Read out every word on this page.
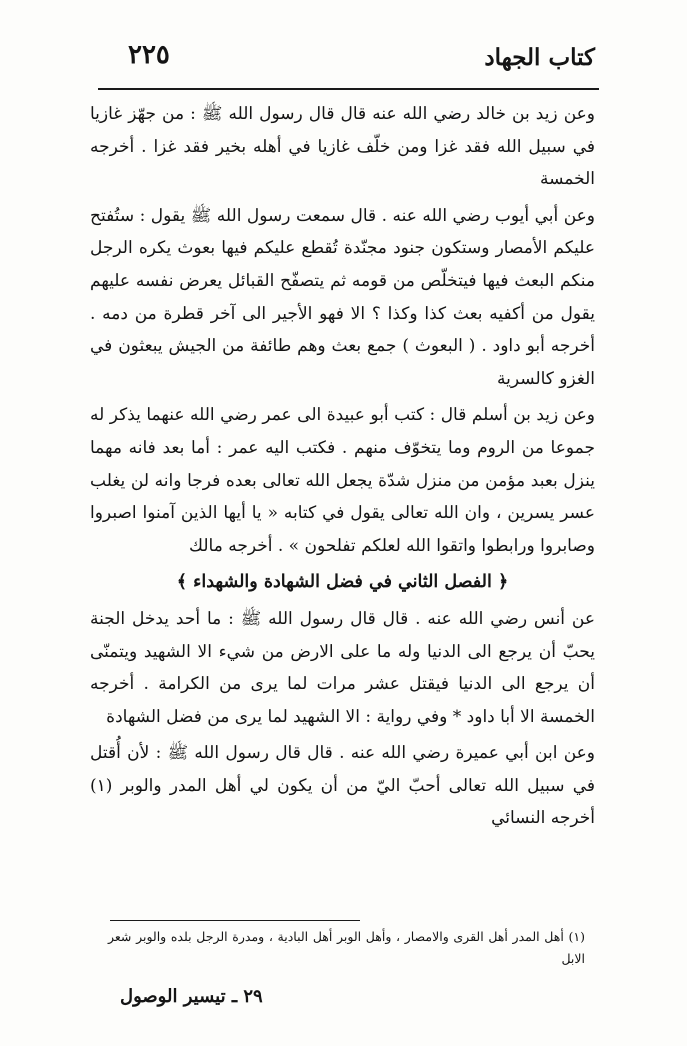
كتاب الجهاد
٢٢٥

وعن زيد بن خالد رضي الله عنه قال قال رسول الله ﷺ : من جهّز غازيا في سبيل الله فقد غزا ومن خلّف غازيا في أهله بخير فقد غزا . أخرجه الخمسة

وعن أبي أيوب رضي الله عنه . قال سمعت رسول الله ﷺ يقول : ستُفتح عليكم الأمصار وستكون جنود مجنّدة تُقطع عليكم فيها بعوث يكره الرجل منكم البعث فيها فيتخلّص من قومه ثم يتصفّح القبائل يعرض نفسه عليهم يقول من أكفيه بعث كذا وكذا ؟ الا فهو الأجير الى آخر قطرة من دمه . أخرجه أبو داود . ( البعوث ) جمع بعث وهم طائفة من الجيش يبعثون في الغزو كالسرية

وعن زيد بن أسلم قال : كتب أبو عبيدة الى عمر رضي الله عنهما يذكر له جموعا من الروم وما يتخوّف منهم . فكتب اليه عمر : أما بعد فانه مهما ينزل بعبد مؤمن من منزل شدّة يجعل الله تعالى بعده فرجا وانه لن يغلب عسر يسرين ، وان الله تعالى يقول في كتابه « يا أيها الذين آمنوا اصبروا وصابروا ورابطوا واتقوا الله لعلكم تفلحون » . أخرجه مالك

﴿ الفصل الثاني في فضل الشهادة والشهداء ﴾

عن أنس رضي الله عنه . قال قال رسول الله ﷺ : ما أحد يدخل الجنة يحبّ أن يرجع الى الدنيا وله ما على الارض من شيء الا الشهيد ويتمنّى أن يرجع الى الدنيا فيقتل عشر مرات لما يرى من الكرامة . أخرجه الخمسة الا أبا داود * وفي رواية : الا الشهيد لما يرى من فضل الشهادة

وعن ابن أبي عميرة رضي الله عنه . قال قال رسول الله ﷺ : لأن أُقتل في سبيل الله تعالى أحبّ اليّ من أن يكون لي أهل المدر والوبر (١) أخرجه النسائي

(١) أهل المدر أهل القرى والامصار ، وأهل الوبر أهل البادية ، ومدرة الرجل بلده والوبر شعر الابل
٢٩ ـ تيسير الوصول
